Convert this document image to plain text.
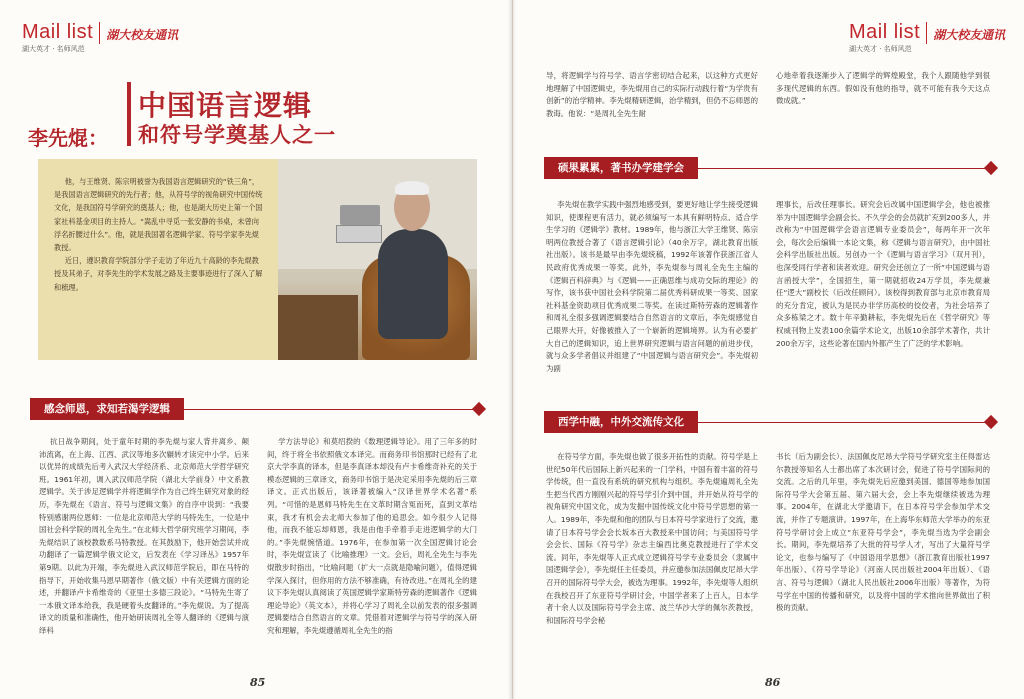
Mail list
湖大英才 · 名师风范
湖大校友通讯
李先焜：
中国语言逻辑
和符号学奠基人之一

他，与王维贤、陈宗明被誉为我国语言逻辑研究的“铁三角”，是我国语言逻辑研究的先行者；他，从符号学的视角研究中国传统文化，是我国符号学研究的奠基人；他，也是湖大历史上第一个国家社科基金项目的主持人。“嵩乱中寻觅一张安静的书桌，未曾向浮名折腰过什么”。他，就是我国著名逻辑学家、符号学家李先焜教授。

近日，遵识教育学院部分学子走访了年近九十高龄的李先焜教授及其弟子，对李先生的学术发展之路及主要事迹进行了深入了解和梳理。

感念师恩，求知若渴学逻辑

抗日战争期间，处于童年时期的李先焜与家人背井离乡、颠沛流离，在上海、江西、武汉等地多次辗转才读完中小学。后来以优异的成绩先后考入武汉大学经济系、北京师范大学哲学研究班。1961年初，调入武汉师范学院（湖北大学前身）中文系教逻辑学。关于涉足逻辑学并将逻辑学作为自己终生研究对象的经历，李先焜在《语言、符号与逻辑文集》的自序中说到：“我要特别感谢两位恩师：一位是北京师范大学的马特先生，一位是中国社会科学院的周礼全先生。”在北师大哲学研究班学习期间，李先焜结识了该校教数系马特教授。在其鼓励下，他开始尝试并成功翻译了一篇逻辑学俄文论文，后发表在《学习译丛》1957年第9期。以此为开端，李先焜进入武汉师范学院后，即在马特的指导下，开始收集马恩早期著作（俄文版）中有关逻辑方面的论述，并翻译卢卡希维奇的《亚里士多德三段论》。“马特先生寄了一本俄文译本给我，我是硬着头皮翻译的。”李先焜说。为了提高译文的质量和准确性，他开始研读周礼全等人翻译的《逻辑与演绎科

学方法导论》和莫绍揆的《数理逻辑导论》。用了三年多的时间，终于将全书依照俄文本译完。而商务印书馆那时已经有了北京大学李真的译本，但是李真译本却没有卢卡希维奇补充的关于模态逻辑的三章译文，商务印书馆于是决定采用李先焜的后三章译文。正式出版后，该译著被编入“汉译世界学术名著”系列。“可惜的是恩师马特先生在文革时期含冤而死，直到文革结束，我才有机会去北师大参加了他的追思会。如今很少人记得他，而我不能忘却师恩，我是由他手牵着手走进逻辑学的大门的。”李先焜惋惜道。1976年，在参加第一次全国逻辑讨论会时，李先焜宣读了《比喻推理》一文。会后，周礼全先生与李先焜散步时指出，“比喻问题（扩大一点就是隐喻问题），值得逻辑学深入探讨，但你用的方法不够准确，有待改进。”在周礼全的建议下李先焜认真阅读了英国逻辑学家斯特劳森的逻辑著作《逻辑理论导论》（英文本），并将心学习了周礼全以前发表的很多强调逻辑要结合自然语言的文章。凭借着对逻辑学与符号学的深入研究和理解，李先焜遵循周礼全先生的指

85
Mail list
湖大英才 · 名师风范
湖大校友通讯
86

导，将逻辑学与符号学、语言学密切结合起来，以这种方式更好地理解了中国逻辑史，李先焜用自己的实际行动践行着“为学贵有创新”的治学精神。李先焜精研逻辑，治学精到，但仍不忘师恩的教诲。他说：“是周礼全先生耐

心地牵着我逐渐步入了逻辑学的辉煌殿堂，我个人跟随他学到很多现代逻辑的东西。假如没有他的指导，就不可能有我今天这点微成就。”

硕果累累，著书办学建学会

李先焜在教学实践中强烈地感受到，要更好地让学生接受逻辑知识，使课程更有活力，就必须编写一本具有鲜明特点、适合学生学习的《逻辑学》教材。1989年，他与浙江大学王维贤、陈宗明两位教授合著了《语言逻辑引论》（40余万字，湖北教育出版社出版）。该书是最早由李先焜统稿，1992年该著作获浙江省人民政府优秀成果一等奖。此外，李先焜参与周礼全先生主编的《逻辑百科辞典》与《逻辑——正确思维与成功交际的理论》的写作，该书获中国社会科学院第二届优秀科研成果一等奖、国家社科基金资助项目优秀成果二等奖。在读过斯特劳森的逻辑著作和周礼全很多强调逻辑要结合自然语言的文章后，李先焜感觉自己眼界大开，好像被推入了一个崭新的逻辑境界。认为有必要扩大自己的逻辑知识，追上世界研究逻辑与语言问题的前进步伐，就与众多学者倡议并组建了“中国逻辑与语言研究会”。李先焜初为副

理事长，后改任理事长。研究会后改属中国逻辑学会，他也被推举为中国逻辑学会副会长。不久学会的会员就扩充到200多人，并改称为“中国逻辑学会语言逻辑专业委员会”，每两年开一次年会，每次会后编辑一本论文集，称《逻辑与语言研究》，由中国社会科学出版社出版。另创办一个《逻辑与语言学习》（双月刊），也深受同行学者和读者欢迎。研究会还创立了一所“中国逻辑与语言函授大学”，全国招生，第一期就招收24万学员，李先焜兼任“逻大”副校长（后改任顾问）。该校得到教育部与北京市教育局的充分肯定，被认为是民办非学历高校的佼佼者，为社会培养了众多栋梁之才。数十年辛勤耕耘，李先焜先后在《哲学研究》等权威刊物上发表100余篇学术论文，出版10余部学术著作，共计200余万字，这些论著在国内外都产生了广泛的学术影响。

西学中融，中外交流传文化

在符号学方面，李先焜也做了很多开拓性的贡献。符号学是上世纪50年代后国际上新兴起来的一门学科，中国有着丰富的符号学传统，但一直没有系统的研究机构与组织。李先焜遍周礼全先生把当代西方刚刚兴起的符号学引介到中国，并开始从符号学的视角研究中国文化，成为发掘中国传统文化中符号学思想的第一人。1989年，李先焜和他的团队与日本符号学家进行了交流，邀请了日本符号学会会长坂本百大教授来中国访问；与美国符号学会会长、国际《符号学》杂志主编西比奥克教授进行了学术交流。同年，李先焜等人正式成立逻辑符号学专业委员会（隶属中国逻辑学会），李先焜任主任委员，并应邀参加法国佩皮尼昂大学召开的国际符号学大会，被选为理事。1992年，李先焜等人组织在我校召开了东亚符号学研讨会，中国学者来了上百人，日本学者十余人以及国际符号学会主席、波兰华沙大学的佩尔茨教授，和国际符号学会秘

书长（后为副会长）、法国佩皮尼昂大学符号学研究室主任得雷达尔教授等知名人士都出席了本次研讨会，促进了符号学国际间的交流。之后的几年里，李先焜先后应邀到美国、德国等地参加国际符号学大会第五届、第六届大会，会上李先焜继续被选为理事。2004年，在湖北大学邀请下，在日本符号学会参加学术交流，并作了专题演讲。1997年，在上海华东师范大学举办的东亚符号学研讨会上成立“东亚符号学会”，李先焜当选为学会副会长。期间，李先焜培养了大批的符号学人才，写出了大量符号学论文，也参与编写了《中国语用学思想》（浙江教育出版社1997年出版）、《符号学导论》（河南人民出版社2004年出版）、《语言、符号与逻辑》（湖北人民出版社2006年出版）等著作，为符号学在中国的传播和研究，以及将中国的学术推向世界做出了积极的贡献。
